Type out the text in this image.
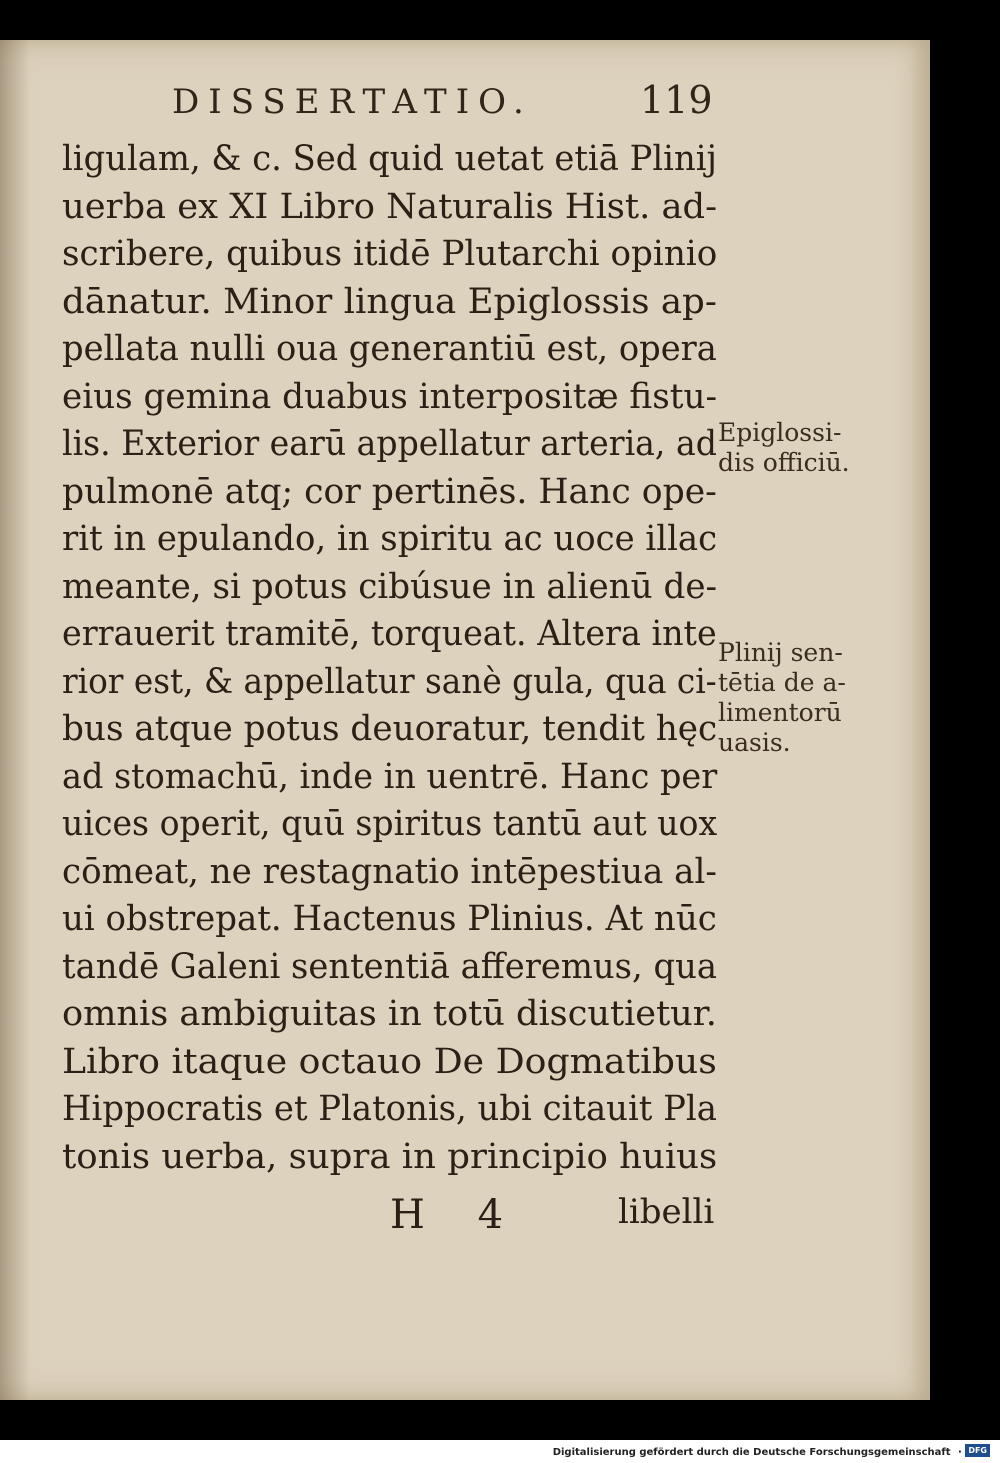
DISSERTATIO.	119
ligulam, & c. Sed quid uetat etiā Plinij
uerba ex XI Libro Naturalis Hist. ad-
scribere, quibus itidē Plutarchi opinio
dānatur. Minor lingua Epiglossis ap-
pellata nulli oua generantiū est, opera
eius gemina duabus interpositæ fistu-
lis. Exterior earū appellatur arteria, ad
pulmonē atq; cor pertinēs. Hanc ope-
rit in epulando, in spiritu ac uoce illac
meante, si potus cibúsue in alienū de-
errauerit tramitē, torqueat. Altera inte
rior est, & appellatur sanè gula, qua ci-
bus atque potus deuoratur, tendit hęc
ad stomachū, inde in uentrē. Hanc per
uices operit, quū spiritus tantū aut uox
cōmeat, ne restagnatio intēpestiua al-
ui obstrepat. Hactenus Plinius. At nūc
tandē Galeni sententiā afferemus, qua
omnis ambiguitas in totū discutietur.
Libro itaque octauo De Dogmatibus
Hippocratis et Platonis, ubi citauit Pla
tonis uerba, supra in principio huius
Epiglossi-
dis officiū.
Plinij sen-
tētia de a-
limentorū
uasis.
H 4	libelli
Digitalisierung gefördert durch die Deutsche Forschungsgemeinschaft · DFG
